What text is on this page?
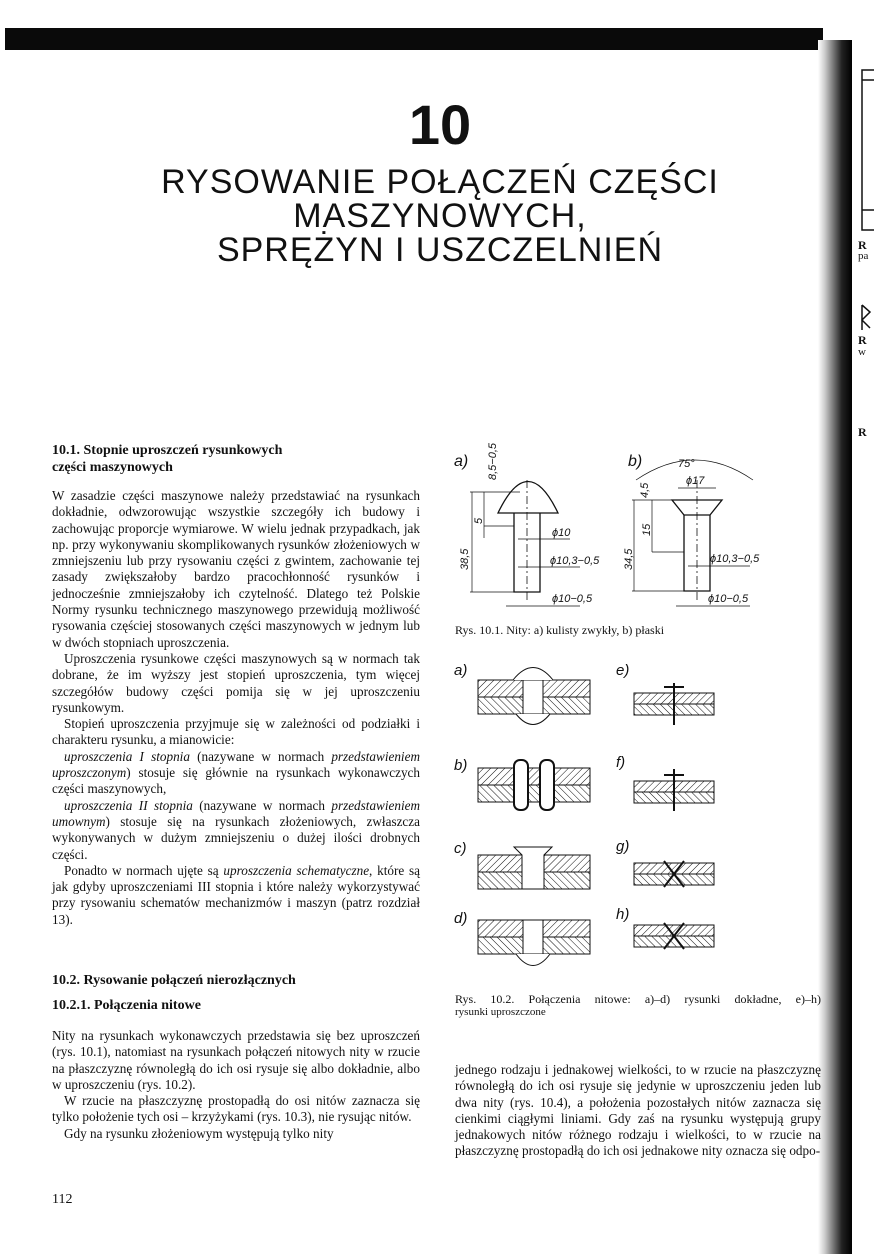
R
pa
R
w
R
10
RYSOWANIE POŁĄCZEŃ CZĘŚCI
MASZYNOWYCH,
SPRĘŻYN I USZCZELNIEŃ
10.1. Stopnie uproszczeń rysunkowych
części maszynowych

W zasadzie części maszynowe należy przedstawiać na rysunkach dokładnie, odwzorowując wszystkie szczegóły ich budowy i zachowując proporcje wymiarowe. W wielu jednak przypadkach, jak np. przy wykonywaniu skomplikowanych rysunków złożeniowych w zmniejszeniu lub przy rysowaniu części z gwintem, zachowanie tej zasady zwiększałoby bardzo pracochłonność rysunków i jednocześnie zmniejszałoby ich czytelność. Dlatego też Polskie Normy rysunku technicznego maszynowego przewidują możliwość rysowania częściej stosowanych części maszynowych w jednym lub w dwóch stopniach uproszczenia.

Uproszczenia rysunkowe części maszynowych są w normach tak dobrane, że im wyższy jest stopień uproszczenia, tym więcej szczegółów budowy części pomija się w jej uproszczeniu rysunkowym.

Stopień uproszczenia przyjmuje się w zależności od podziałki i charakteru rysunku, a mianowicie:

uproszczenia I stopnia (nazywane w normach przedstawieniem uproszczonym) stosuje się głównie na rysunkach wykonawczych części maszynowych,

uproszczenia II stopnia (nazywane w normach przedstawieniem umownym) stosuje się na rysunkach złożeniowych, zwłaszcza wykonywanych w dużym zmniejszeniu o dużej ilości drobnych części.

Ponadto w normach ujęte są uproszczenia schematyczne, które są jak gdyby uproszczeniami III stopnia i które należy wykorzystywać przy rysowaniu schematów mechanizmów i maszyn (patrz rozdział 13).

10.2. Rysowanie połączeń nierozłącznych
10.2.1. Połączenia nitowe

Nity na rysunkach wykonawczych przedstawia się bez uproszczeń (rys. 10.1), natomiast na rysunkach połączeń nitowych nity w rzucie na płaszczyznę równoległą do ich osi rysuje się albo dokładnie, albo w uproszczeniu (rys. 10.2).

W rzucie na płaszczyznę prostopadłą do osi nitów zaznacza się tylko położenie tych osi – krzyżykami (rys. 10.3), nie rysując nitów.

Gdy na rysunku złożeniowym występują tylko nity

112

jednego rodzaju i jednakowej wielkości, to w rzucie na płaszczyznę równoległą do ich osi rysuje się jedynie w uproszczeniu jeden lub dwa nity (rys. 10.4), a położenia pozostałych nitów zaznacza się cienkimi ciągłymi liniami. Gdy zaś na rysunku występują grupy jednakowych nitów różnego rodzaju i wielkości, to w rzucie na płaszczyznę prostopadłą do ich osi jednakowe nity oznacza się odpo-

a) 8,5−0,5
5
38,5
ϕ10
ϕ10,3−0,5
ϕ10−0,5
b)	75°
ϕ17
4,5
15
34,5	ϕ10,3−0,5
ϕ10−0,5
Rys. 10.1. Nity: a) kulisty zwykły, b) płaski
a)
b)
c)
d)
e)
f)
g)
h)
Rys. 10.2. Połączenia nitowe: a)–d) rysunki dokładne, e)–h)
rysunki uproszczone
